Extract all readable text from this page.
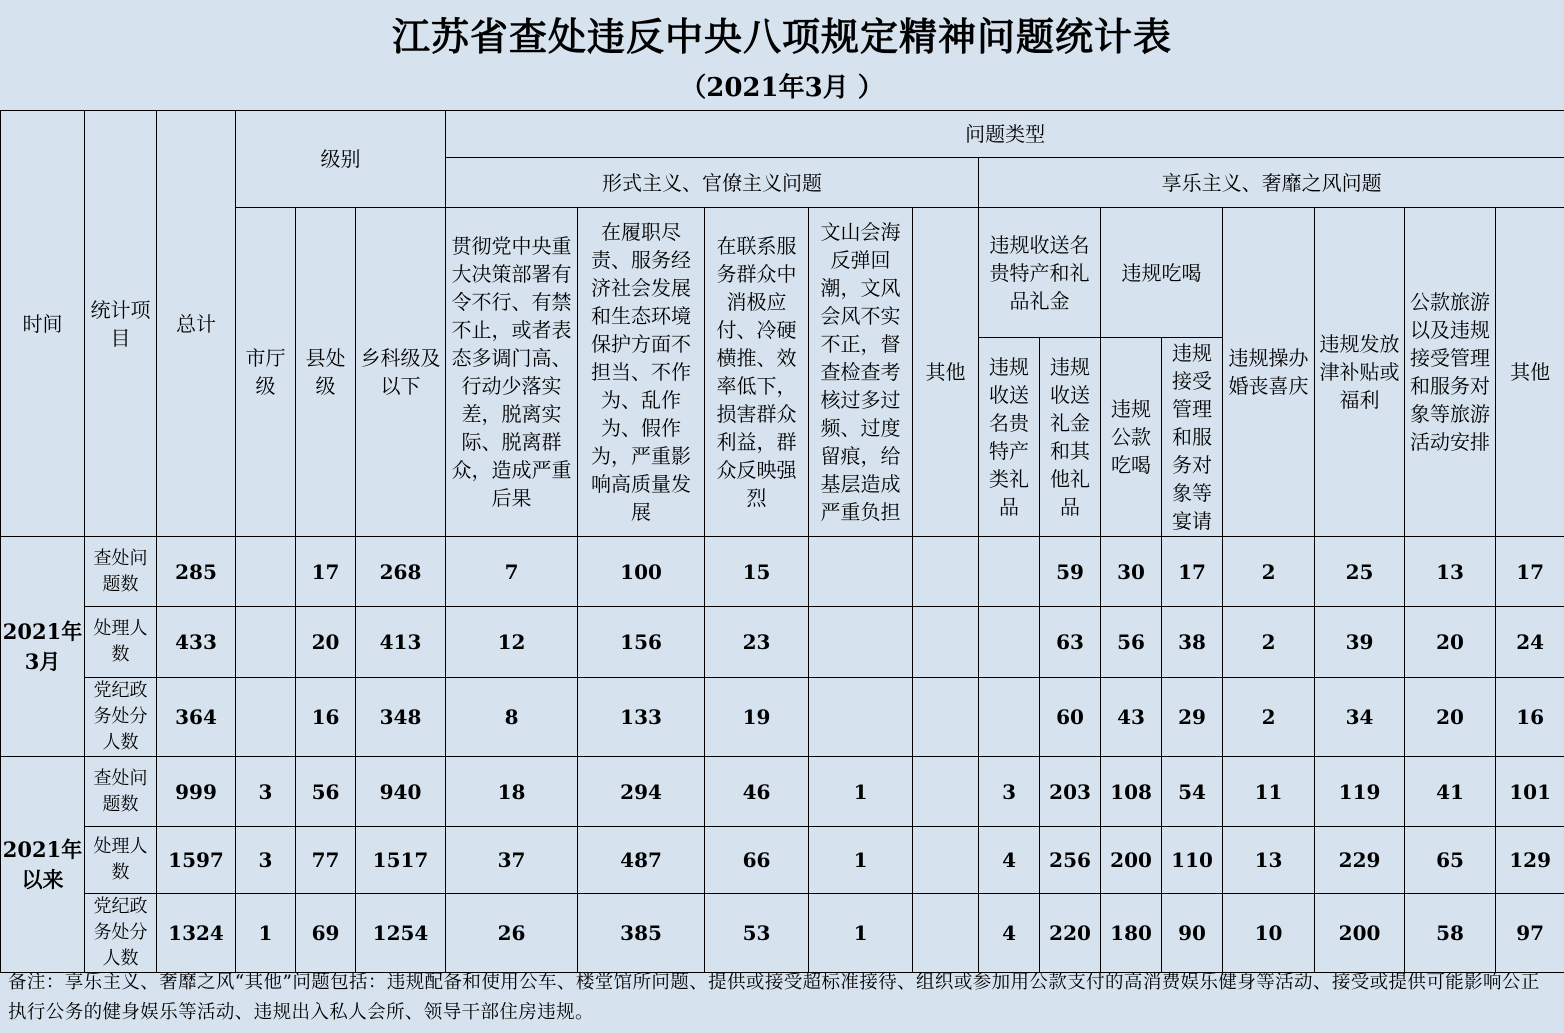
江苏省查处违反中央八项规定精神问题统计表
（2021年3月 ）
时间	统计项目	总计	级别			问题类型												
						形式主义、官僚主义问题					享乐主义、奢靡之风问题							
			市厅级	县处级	乡科级及以下	贯彻党中央重大决策部署有令不行、有禁不止，或者表态多调门高、行动少落实差，脱离实际、脱离群众，造成严重后果	在履职尽责、服务经济社会发展和生态环境保护方面不担当、不作为、乱作为、假作为，严重影响高质量发展	在联系服务群众中消极应付、冷硬横推、效率低下，损害群众利益，群众反映强烈	文山会海反弹回潮，文风会风不实不正，督查检查考核过多过频、过度留痕，给基层造成严重负担	其他	违规收送名贵特产和礼品礼金		违规吃喝		违规操办婚丧喜庆	违规发放津补贴或福利	公款旅游以及违规接受管理和服务对象等旅游活动安排	其他
											违规收送名贵特产类礼品	违规收送礼金和其他礼品	违规公款吃喝	违规接受管理和服务对象等宴请				
2021年3月	查处问题数	285		17	268	7	100	15				59	30	17	2	25	13	17
	处理人数	433		20	413	12	156	23				63	56	38	2	39	20	24
	党纪政务处分人数	364		16	348	8	133	19				60	43	29	2	34	20	16
2021年以来	查处问题数	999	3	56	940	18	294	46	1		3	203	108	54	11	119	41	101
	处理人数	1597	3	77	1517	37	487	66	1		4	256	200	110	13	229	65	129
	党纪政务处分人数	1324	1	69	1254	26	385	53	1		4	220	180	90	10	200	58	97
备注：享乐主义、奢靡之风“其他”问题包括：违规配备和使用公车、楼堂馆所问题、提供或接受超标准接待、组织或参加用公款支付的高消费娱乐健身等活动、接受或提供可能影响公正执行公务的健身娱乐等活动、违规出入私人会所、领导干部住房违规。
